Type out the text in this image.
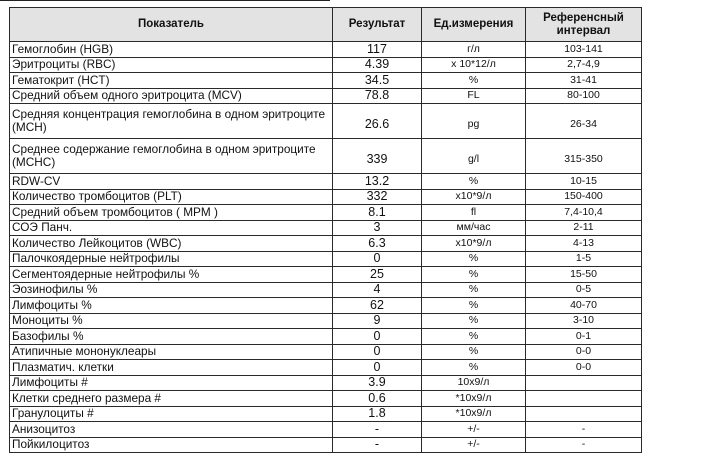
Показатель	Результат	Ед.измерения	Референсный
интервал
Гемоглобин (HGB)	117	г/л	103-141
Эритроциты (RBC)	4.39	x 10*12/л	2,7-4,9
Гематокрит (HCT)	34.5	%	31-41
Средний объем одного эритроцита (MCV)	78.8	FL	80-100
Средняя концентрация гемоглобина в одном эритроците (MCH)	26.6	pg	26-34
Среднее содержание гемоглобина в одном эритроците (MCHC)	339	g/l	315-350
RDW-CV	13.2	%	10-15
Количество тромбоцитов (PLT)	332	x10*9/л	150-400
Средний объем тромбоцитов ( MPM )	8.1	fl	7,4-10,4
СОЭ Панч.	3	мм/час	2-11
Количество Лейкоцитов (WBC)	6.3	x10*9/л	4-13
Палочкоядерные нейтрофилы	0	%	1-5
Сегментоядерные нейтрофилы %	25	%	15-50
Эозинофилы %	4	%	0-5
Лимфоциты %	62	%	40-70
Моноциты %	9	%	3-10
Базофилы %	0	%	0-1
Атипичные мононуклеары	0	%	0-0
Плазматич. клетки	0	%	0-0
Лимфоциты #	3.9	10x9/л	
Клетки среднего размера #	0.6	*10x9/л	
Гранулоциты #	1.8	*10x9/л	
Анизоцитоз	-	+/-	-
Пойкилоцитоз	-	+/-	-
